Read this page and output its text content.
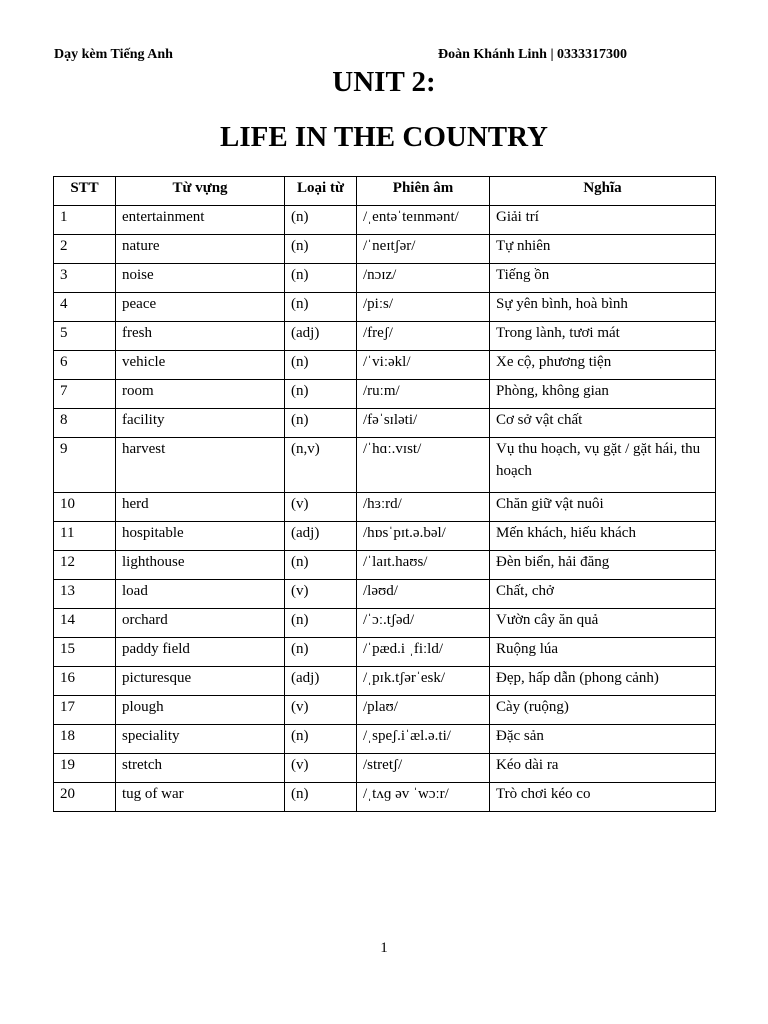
Dạy kèm Tiếng Anh	Đoàn Khánh Linh | 0333317300
UNIT 2:
LIFE IN THE COUNTRY
STT	Từ vựng	Loại từ	Phiên âm	Nghĩa
1	entertainment	(n)	/ˌentəˈteɪnmənt/	Giải trí
2	nature	(n)	/ˈneɪtʃər/	Tự nhiên
3	noise	(n)	/nɔɪz/	Tiếng ồn
4	peace	(n)	/piːs/	Sự yên bình, hoà bình
5	fresh	(adj)	/freʃ/	Trong lành, tươi mát
6	vehicle	(n)	/ˈviːəkl/	Xe cộ, phương tiện
7	room	(n)	/ruːm/	Phòng, không gian
8	facility	(n)	/fəˈsɪləti/	Cơ sở vật chất
9	harvest	(n,v)	/ˈhɑː.vɪst/	Vụ thu hoạch, vụ gặt / gặt hái, thu hoạch
10	herd	(v)	/hɜːrd/	Chăn giữ vật nuôi
11	hospitable	(adj)	/hɒsˈpɪt.ə.bəl/	Mến khách, hiếu khách
12	lighthouse	(n)	/ˈlaɪt.haʊs/	Đèn biển, hải đăng
13	load	(v)	/ləʊd/	Chất, chở
14	orchard	(n)	/ˈɔː.tʃəd/	Vườn cây ăn quả
15	paddy field	(n)	/ˈpæd.i ˌfiːld/	Ruộng lúa
16	picturesque	(adj)	/ˌpɪk.tʃərˈesk/	Đẹp, hấp dẫn (phong cảnh)
17	plough	(v)	/plaʊ/	Cày (ruộng)
18	speciality	(n)	/ˌspeʃ.iˈæl.ə.ti/	Đặc sản
19	stretch	(v)	/stretʃ/	Kéo dài ra
20	tug of war	(n)	/ˌtʌɡ əv ˈwɔːr/	Trò chơi kéo co
1
